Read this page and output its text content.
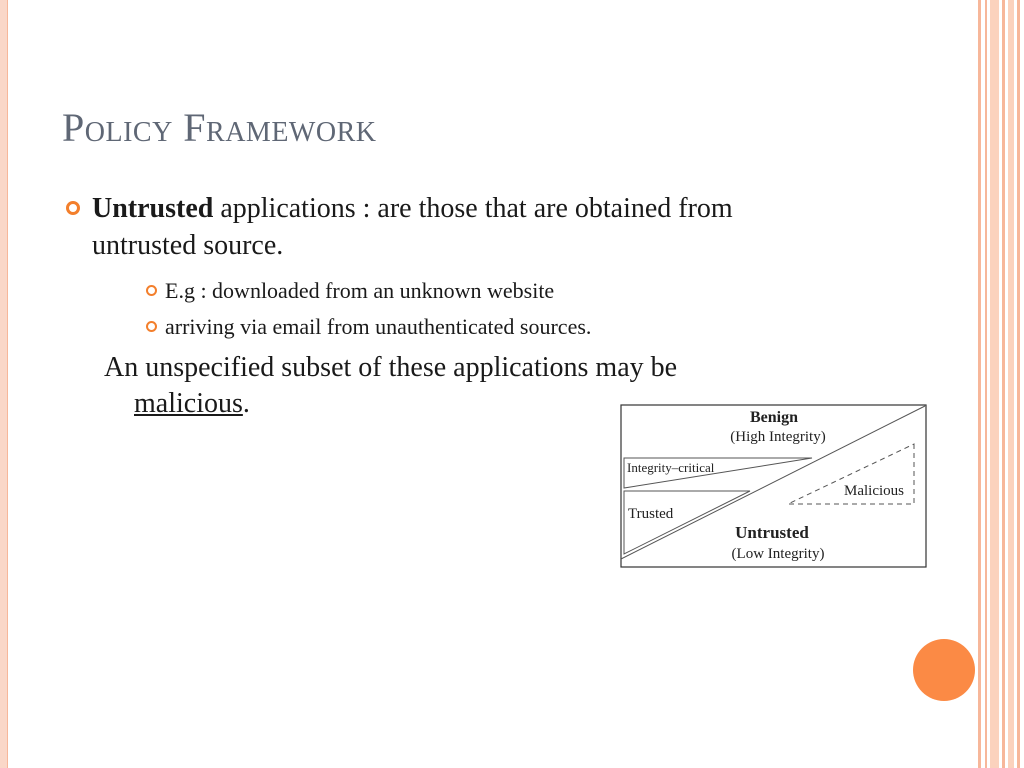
Policy Framework
Untrusted applications : are those that are obtained from untrusted source.
E.g : downloaded from an unknown website
arriving via email from unauthenticated sources.
An unspecified subset of these applications may be
malicious.	Benign
(High Integrity)
Integrity–critical
Trusted
Malicious
Untrusted
(Low Integrity)
